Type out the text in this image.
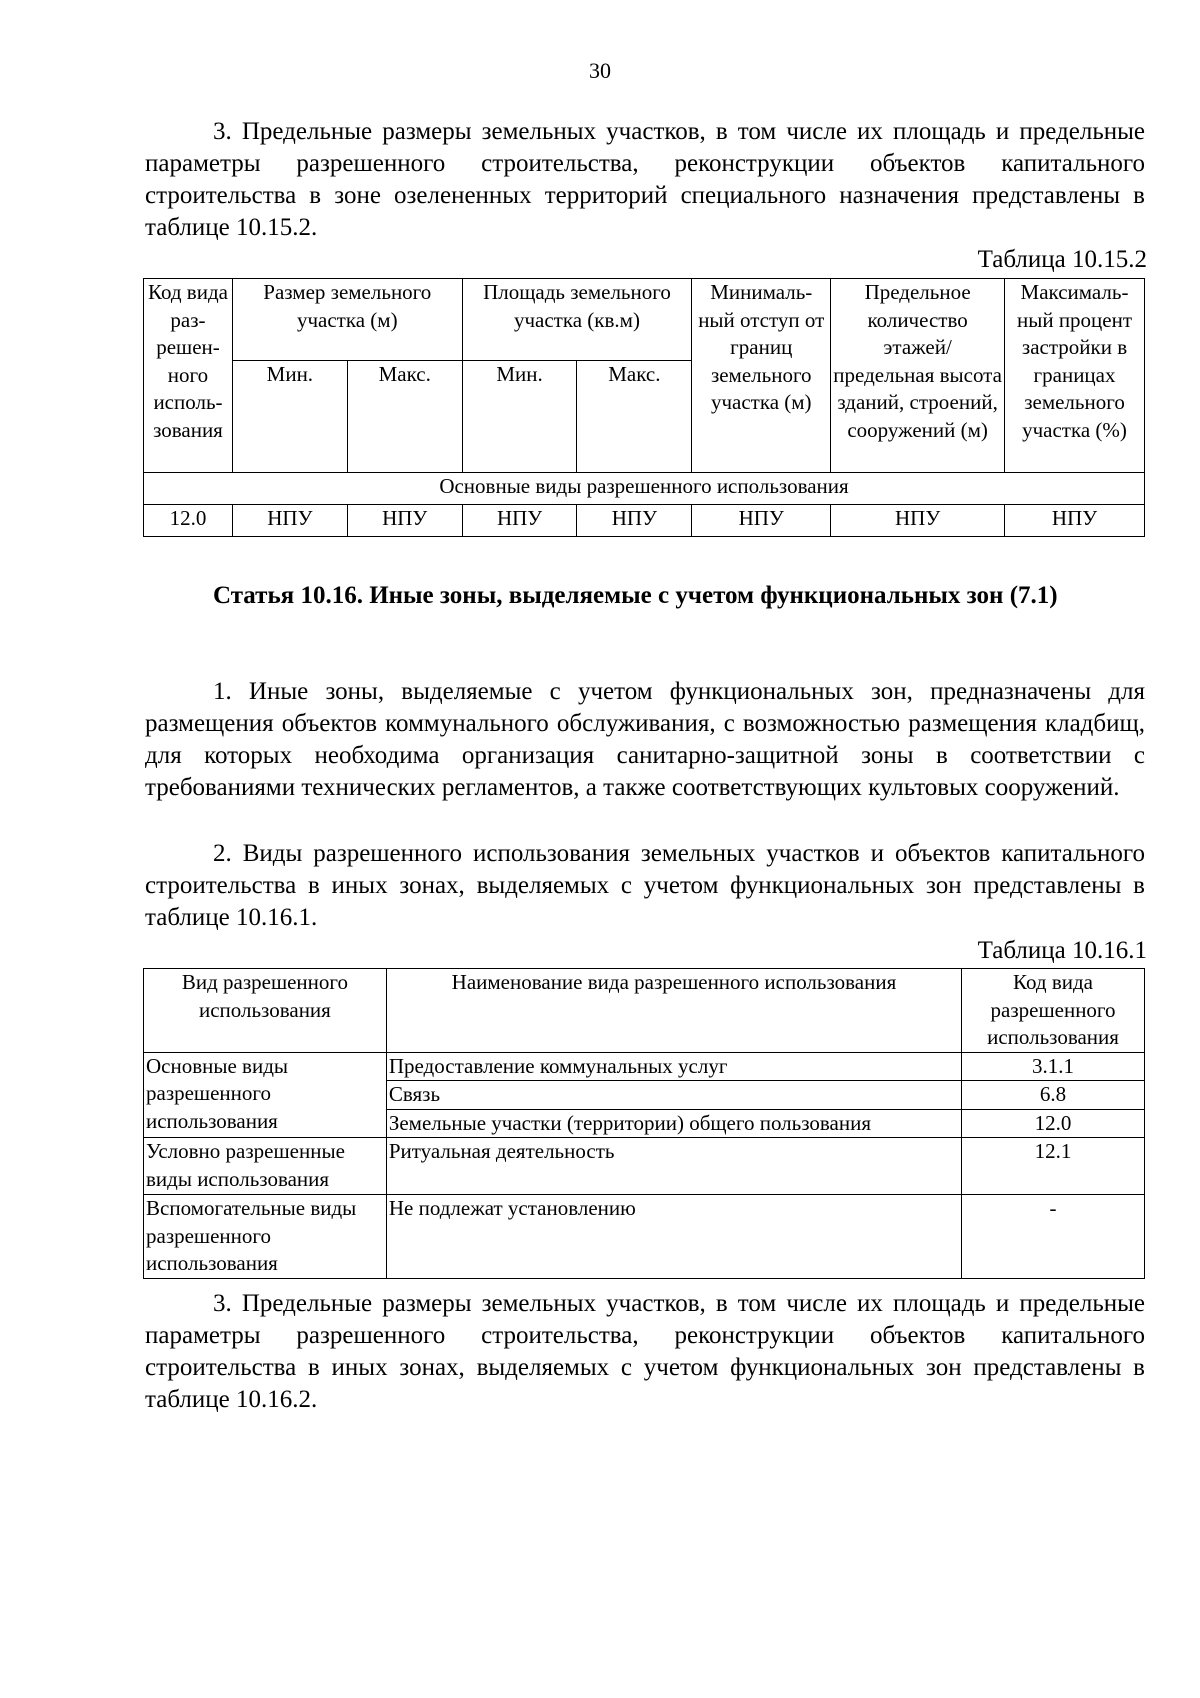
30
3. Предельные размеры земельных участков, в том числе их площадь и предельные параметры разрешенного строительства, реконструкции объектов капитального строительства в зоне озелененных территорий специального назначения представлены в таблице 10.15.2.
Таблица 10.15.2
Код вида раз-решен-ного исполь-зования	Размер земельного участка (м)		Площадь земельного участка (кв.м)		Минималь-ный отступ от границ земельного участка (м)	Предельное количество этажей/ предельная высота зданий, строений, сооружений (м)	Максималь-ный процент застройки в границах земельного участка (%)
	Мин.	Макс.	Мин.	Макс.			
Основные виды разрешенного использования							
12.0	НПУ	НПУ	НПУ	НПУ	НПУ	НПУ	НПУ
Статья 10.16. Иные зоны, выделяемые с учетом функциональных зон (7.1)
1. Иные зоны, выделяемые с учетом функциональных зон, предназначены для размещения объектов коммунального обслуживания, с возможностью размещения кладбищ, для которых необходима организация санитарно-защитной зоны в соответствии с требованиями технических регламентов, а также соответствующих культовых сооружений.
2. Виды разрешенного использования земельных участков и объектов капитального строительства в иных зонах, выделяемых с учетом функциональных зон представлены в таблице 10.16.1.
Таблица 10.16.1
Вид разрешенного использования	Наименование вида разрешенного использования	Код вида разрешенного использования
Основные виды разрешенного использования	Предоставление коммунальных услуг	3.1.1
	Связь	6.8
	Земельные участки (территории) общего пользования	12.0
Условно разрешенные виды использования	Ритуальная деятельность	12.1
Вспомогательные виды разрешенного использования	Не подлежат установлению	-
3. Предельные размеры земельных участков, в том числе их площадь и предельные параметры разрешенного строительства, реконструкции объектов капитального строительства в иных зонах, выделяемых с учетом функциональных зон представлены в таблице 10.16.2.
